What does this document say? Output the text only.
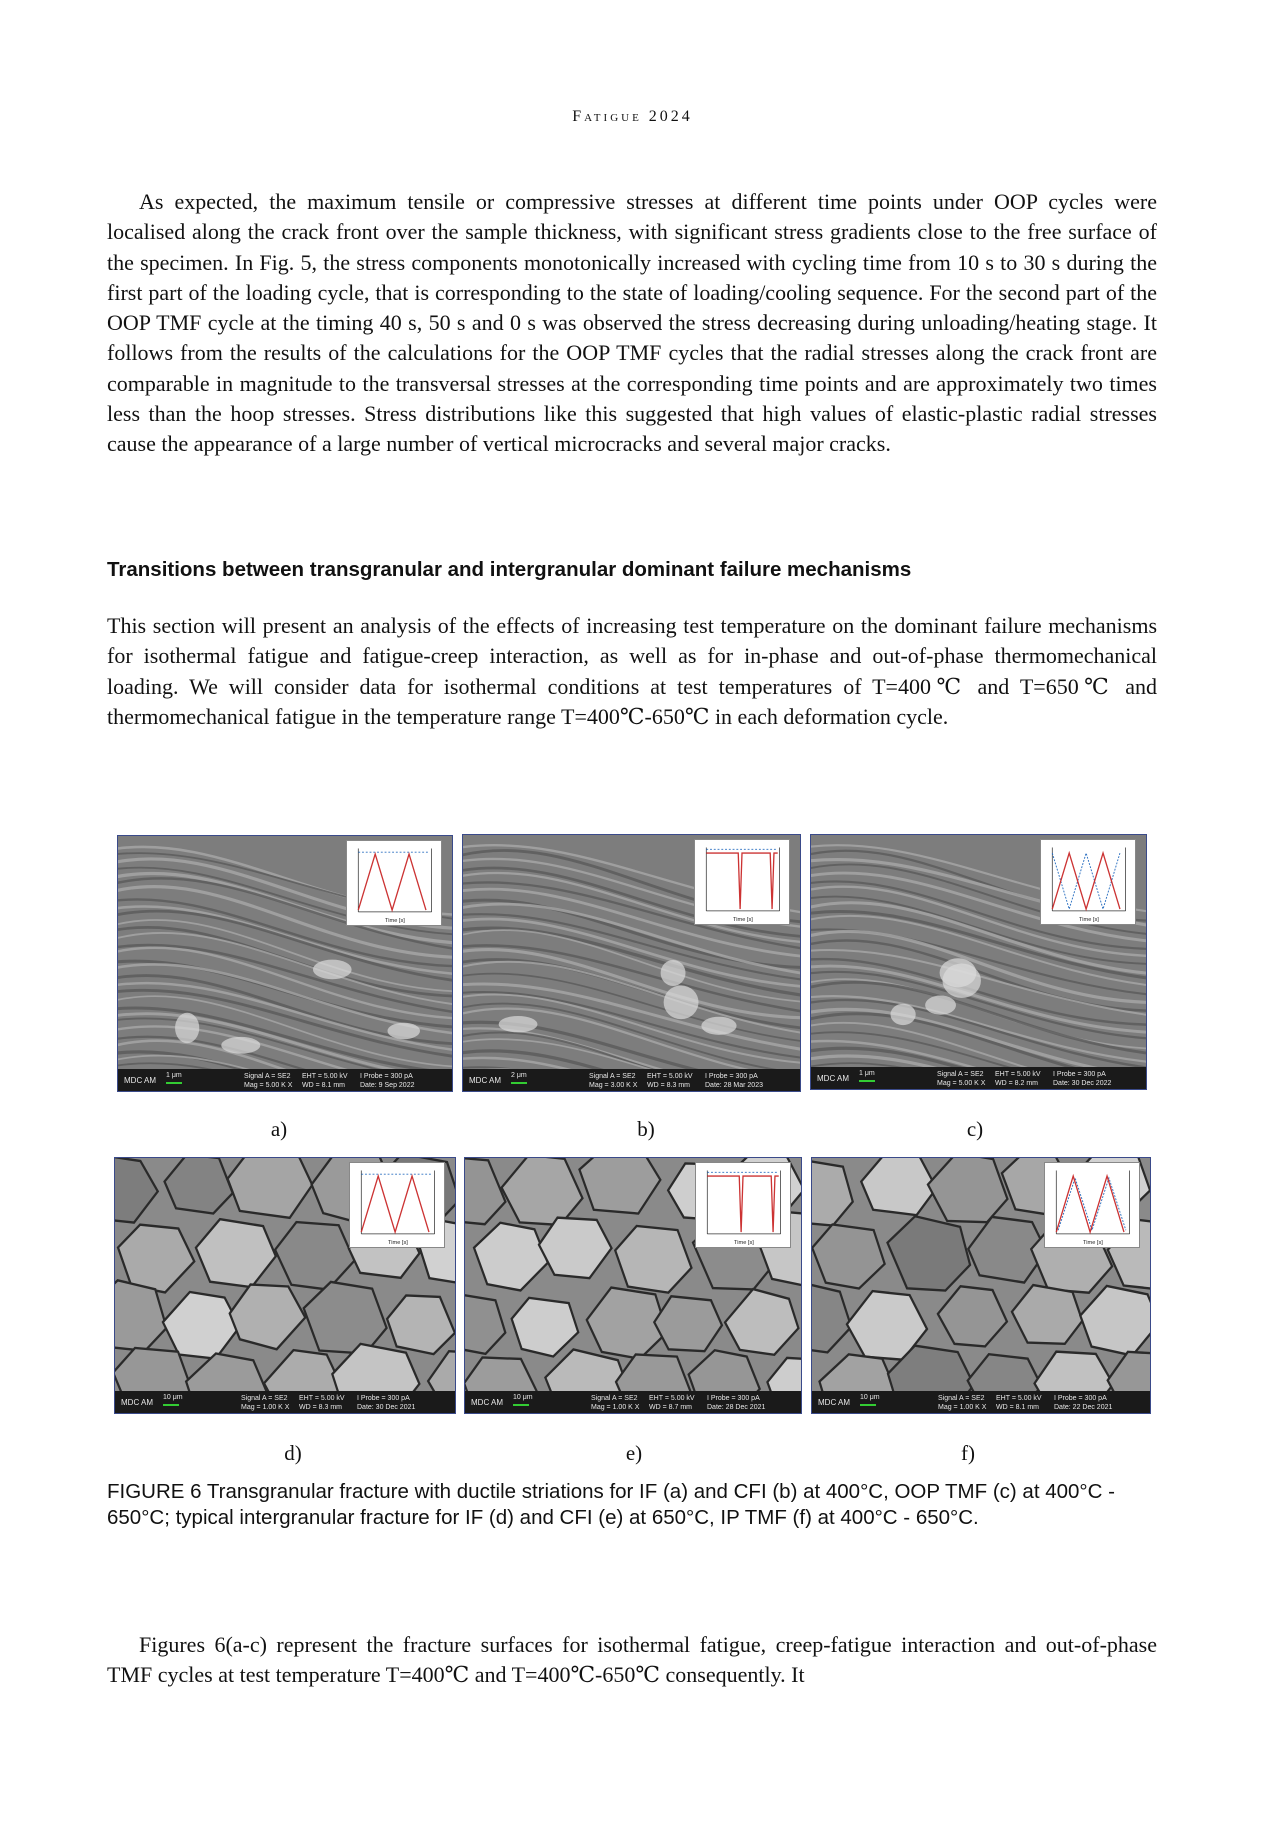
Fatigue 2024

As expected, the maximum tensile or compressive stresses at different time points under OOP cycles were localised along the crack front over the sample thickness, with significant stress gradients close to the free surface of the specimen. In Fig. 5, the stress components monotonically increased with cycling time from 10 s to 30 s during the first part of the loading cycle, that is corresponding to the state of loading/cooling sequence. For the second part of the OOP TMF cycle at the timing 40 s, 50 s and 0 s was observed the stress decreasing during unloading/heating stage. It follows from the results of the calculations for the OOP TMF cycles that the radial stresses along the crack front are comparable in magnitude to the transversal stresses at the corresponding time points and are approximately two times less than the hoop stresses. Stress distributions like this suggested that high values of elastic-plastic radial stresses cause the appearance of a large number of vertical microcracks and several major cracks.

Transitions between transgranular and intergranular dominant failure mechanisms

This section will present an analysis of the effects of increasing test temperature on the dominant failure mechanisms for isothermal fatigue and fatigue-creep interaction, as well as for in-phase and out-of-phase thermomechanical loading. We will consider data for isothermal conditions at test temperatures of T=400℃ and T=650℃ and thermomechanical fatigue in the temperature range T=400℃-650℃ in each deformation cycle.

Time [s]
MDC AM
1 μm	Signal A = SE2
Mag = 5.00 K X
EHT = 5.00 kV
WD = 8.1 mm
I Probe = 300 pA
Date: 9 Sep 2022
Time [s]
MDC AM
2 μm	Signal A = SE2
Mag = 3.00 K X
EHT = 5.00 kV
WD = 8.3 mm
I Probe = 300 pA
Date: 28 Mar 2023
Time [s]
MDC AM
1 μm	Signal A = SE2
Mag = 5.00 K X
EHT = 5.00 kV
WD = 8.2 mm
I Probe = 300 pA
Date: 30 Dec 2022
Time [s]
MDC AM
10 μm	Signal A = SE2
Mag = 1.00 K X
EHT = 5.00 kV
WD = 8.3 mm
I Probe = 300 pA
Date: 30 Dec 2021
Time [s]
MDC AM
10 μm	Signal A = SE2
Mag = 1.00 K X
EHT = 5.00 kV
WD = 8.7 mm
I Probe = 300 pA
Date: 28 Dec 2021
Time [s]
MDC AM
10 μm	Signal A = SE2
Mag = 1.00 K X
EHT = 5.00 kV
WD = 8.1 mm
I Probe = 300 pA
Date: 22 Dec 2021
a)	b)	c)
d)	e)	f)

FIGURE 6 Transgranular fracture with ductile striations for IF (a) and CFI (b) at 400°C, OOP TMF (c) at 400°C - 650°C; typical intergranular fracture for IF (d) and CFI (e) at 650°C, IP TMF (f) at 400°C - 650°C.

Figures 6(a-c) represent the fracture surfaces for isothermal fatigue, creep-fatigue interaction and out-of-phase TMF cycles at test temperature T=400℃ and T=400℃-650℃ consequently. It
